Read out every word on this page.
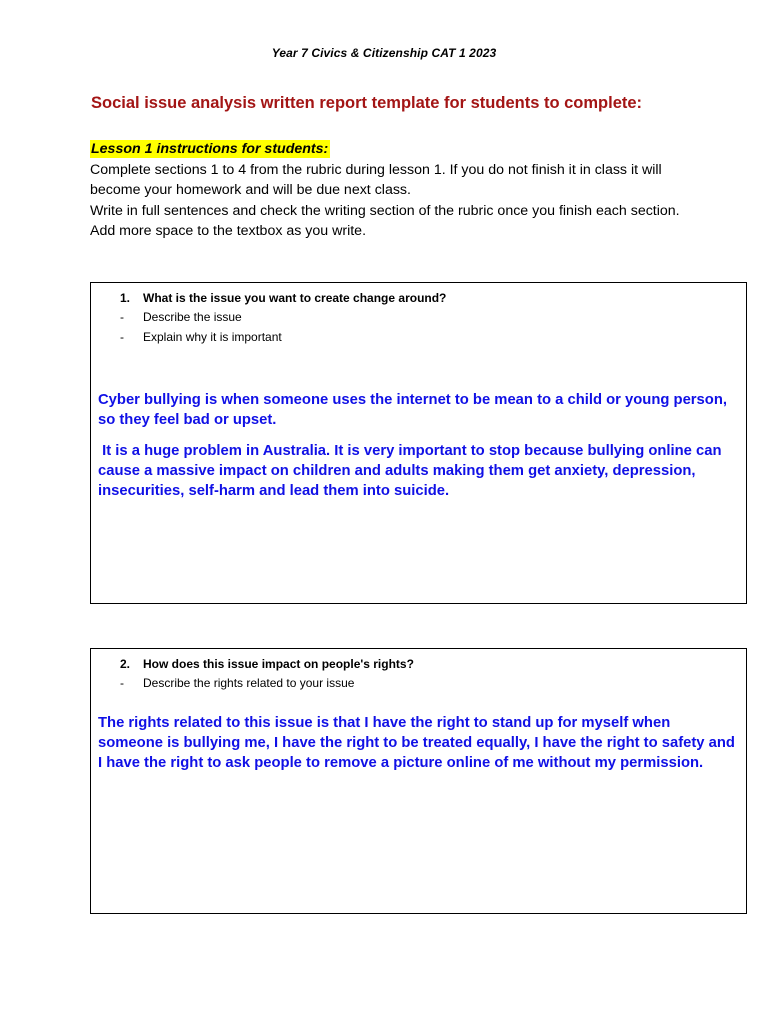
Year 7 Civics & Citizenship CAT 1 2023
Social issue analysis written report template for students to complete:
Lesson 1 instructions for students:

Complete sections 1 to 4 from the rubric during lesson 1. If you do not finish it in class it will become your homework and will be due next class.

Write in full sentences and check the writing section of the rubric once you finish each section.

Add more space to the textbox as you write.

1. What is the issue you want to create change around?
- Describe the issue
- Explain why it is important

Cyber bullying is when someone uses the internet to be mean to a child or young person, so they feel bad or upset.

It is a huge problem in Australia. It is very important to stop because bullying online can cause a massive impact on children and adults making them get anxiety, depression, insecurities, self-harm and lead them into suicide.

2. How does this issue impact on people's rights?
- Describe the rights related to your issue

The rights related to this issue is that I have the right to stand up for myself when someone is bullying me, I have the right to be treated equally, I have the right to safety and I have the right to ask people to remove a picture online of me without my permission.
